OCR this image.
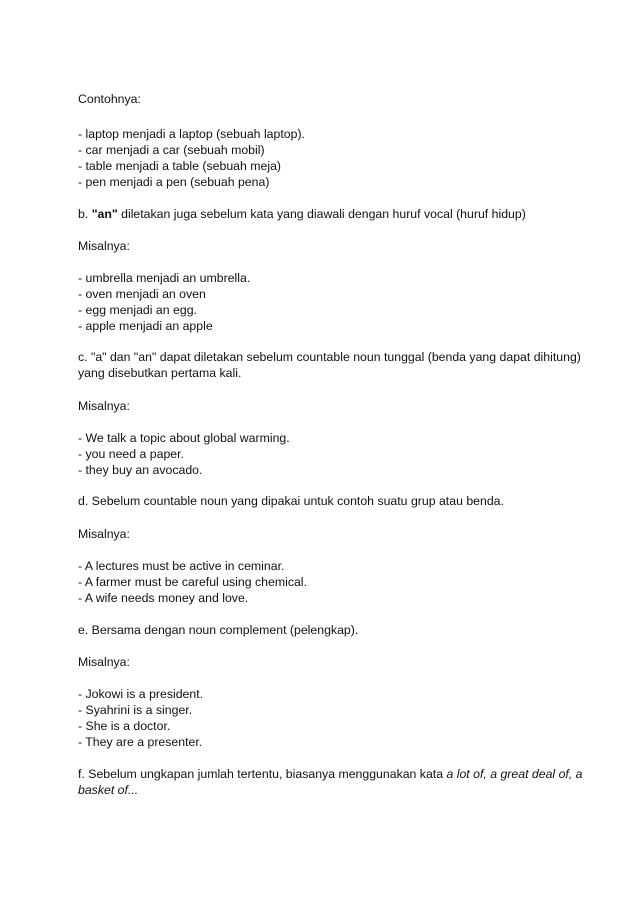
Contohnya:

- laptop menjadi a laptop (sebuah laptop).
- car menjadi a car (sebuah mobil)
- table menjadi a table (sebuah meja)
- pen menjadi a pen (sebuah pena)

b. "an" diletakan juga sebelum kata yang diawali dengan huruf vocal (huruf hidup)

Misalnya:

- umbrella menjadi an umbrella.
- oven menjadi an oven
- egg menjadi an egg.
- apple menjadi an apple

c. "a" dan "an" dapat diletakan sebelum countable noun tunggal (benda yang dapat dihitung)
yang disebutkan pertama kali.

Misalnya:

- We talk a topic about global warming.
- you need a paper.
- they buy an avocado.

d. Sebelum countable noun yang dipakai untuk contoh suatu grup atau benda.

Misalnya:

- A lectures must be active in ceminar.
- A farmer must be careful using chemical.
- A wife needs money and love.

e. Bersama dengan noun complement (pelengkap).

Misalnya:

- Jokowi is a president.
- Syahrini is a singer.
- She is a doctor.
- They are a presenter.

f. Sebelum ungkapan jumlah tertentu, biasanya menggunakan kata a lot of, a great deal of, a
basket of...
